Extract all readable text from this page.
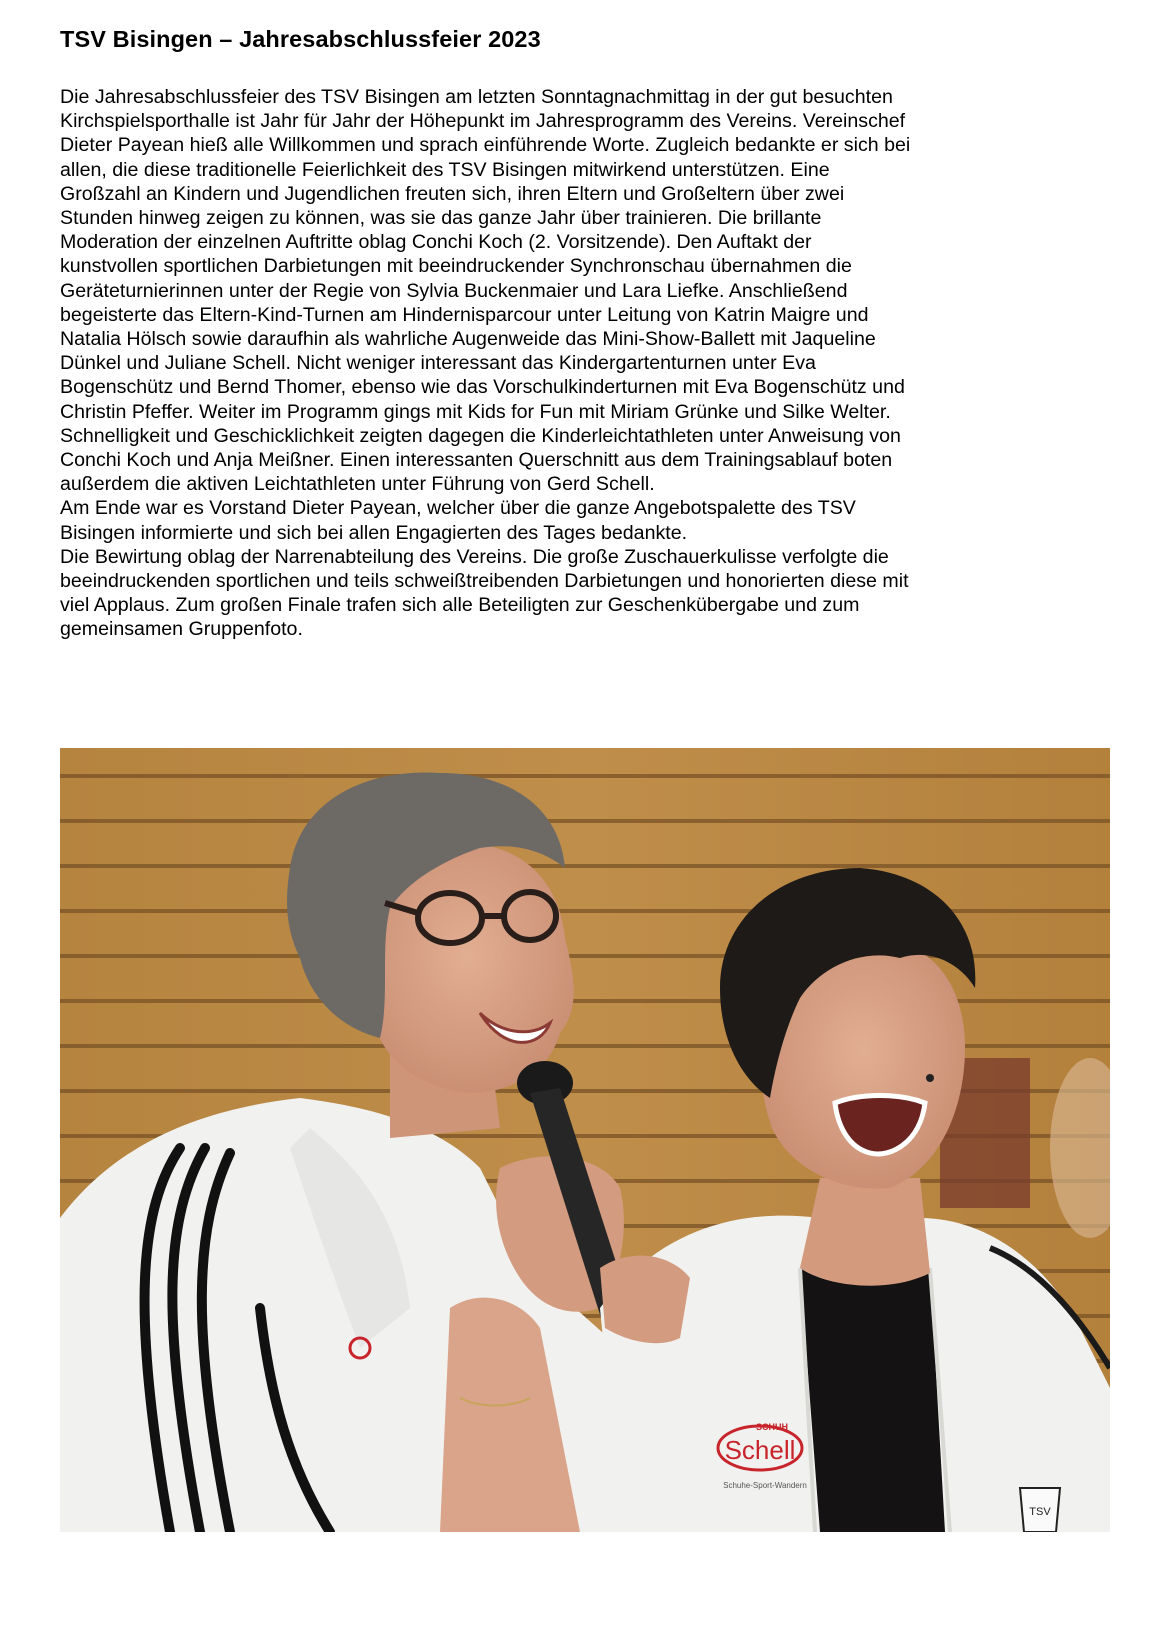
TSV Bisingen – Jahresabschlussfeier 2023
Die Jahresabschlussfeier des TSV Bisingen am letzten Sonntagnachmittag in der gut besuchten
Kirchspielsporthalle ist Jahr für Jahr der Höhepunkt im Jahresprogramm des Vereins. Vereinschef
Dieter Payean hieß alle Willkommen und sprach einführende Worte. Zugleich bedankte er sich bei
allen, die diese traditionelle Feierlichkeit des TSV Bisingen mitwirkend unterstützen. Eine
Großzahl an Kindern und Jugendlichen freuten sich, ihren Eltern und Großeltern über zwei
Stunden hinweg zeigen zu können, was sie das ganze Jahr über trainieren. Die brillante
Moderation der einzelnen Auftritte oblag Conchi Koch (2. Vorsitzende). Den Auftakt der
kunstvollen sportlichen Darbietungen mit beeindruckender Synchronschau übernahmen die
Geräteturnierinnen unter der Regie von Sylvia Buckenmaier und Lara Liefke. Anschließend
begeisterte das Eltern-Kind-Turnen am Hindernisparcour unter Leitung von Katrin Maigre und
Natalia Hölsch sowie daraufhin als wahrliche Augenweide das Mini-Show-Ballett mit Jaqueline
Dünkel und Juliane Schell. Nicht weniger interessant das Kindergartenturnen unter Eva
Bogenschütz und Bernd Thomer, ebenso wie das Vorschulkinderturnen mit Eva Bogenschütz und
Christin Pfeffer. Weiter im Programm gings mit Kids for Fun mit Miriam Grünke und Silke Welter.
Schnelligkeit und Geschicklichkeit zeigten dagegen die Kinderleichtathleten unter Anweisung von
Conchi Koch und Anja Meißner. Einen interessanten Querschnitt aus dem Trainingsablauf boten
außerdem die aktiven Leichtathleten unter Führung von Gerd Schell.
Am Ende war es Vorstand Dieter Payean, welcher über die ganze Angebotspalette des TSV
Bisingen informierte und sich bei allen Engagierten des Tages bedankte.
Die Bewirtung oblag der Narrenabteilung des Vereins. Die große Zuschauerkulisse verfolgte die
beeindruckenden sportlichen und teils schweißtreibenden Darbietungen und honorierten diese mit
viel Applaus. Zum großen Finale trafen sich alle Beteiligten zur Geschenkübergabe und zum
gemeinsamen Gruppenfoto.
SCHUH
Schell
Schuhe-Sport-Wandern
TSV
